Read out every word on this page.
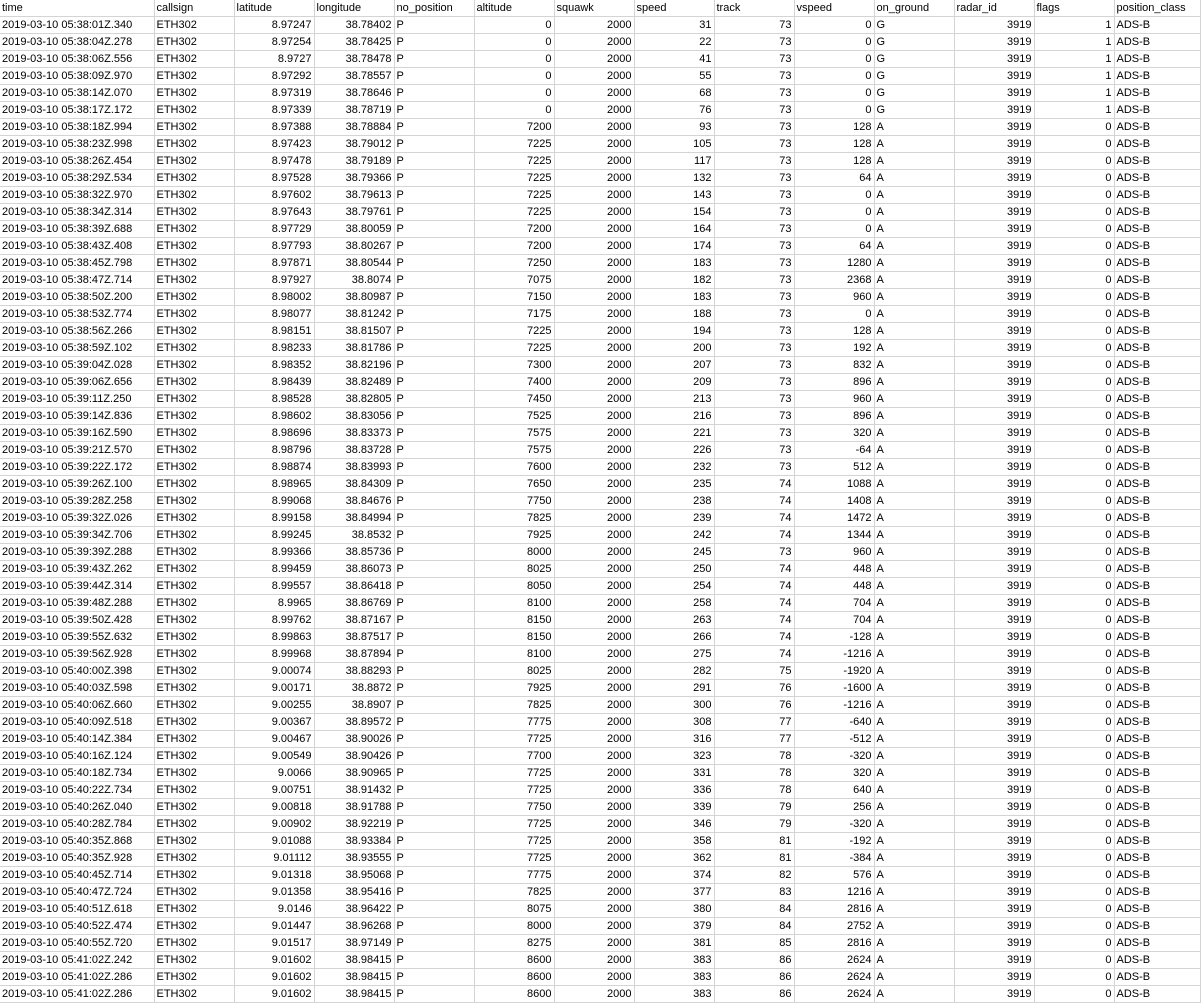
time	callsign	latitude	longitude	no_position	altitude	squawk	speed	track	vspeed	on_ground	radar_id	flags	position_class
2019-03-10 05:38:01Z.340	ETH302	8.97247	38.78402	P	0	2000	31	73	0	G	3919	1	ADS-B
2019-03-10 05:38:04Z.278	ETH302	8.97254	38.78425	P	0	2000	22	73	0	G	3919	1	ADS-B
2019-03-10 05:38:06Z.556	ETH302	8.9727	38.78478	P	0	2000	41	73	0	G	3919	1	ADS-B
2019-03-10 05:38:09Z.970	ETH302	8.97292	38.78557	P	0	2000	55	73	0	G	3919	1	ADS-B
2019-03-10 05:38:14Z.070	ETH302	8.97319	38.78646	P	0	2000	68	73	0	G	3919	1	ADS-B
2019-03-10 05:38:17Z.172	ETH302	8.97339	38.78719	P	0	2000	76	73	0	G	3919	1	ADS-B
2019-03-10 05:38:18Z.994	ETH302	8.97388	38.78884	P	7200	2000	93	73	128	A	3919	0	ADS-B
2019-03-10 05:38:23Z.998	ETH302	8.97423	38.79012	P	7225	2000	105	73	128	A	3919	0	ADS-B
2019-03-10 05:38:26Z.454	ETH302	8.97478	38.79189	P	7225	2000	117	73	128	A	3919	0	ADS-B
2019-03-10 05:38:29Z.534	ETH302	8.97528	38.79366	P	7225	2000	132	73	64	A	3919	0	ADS-B
2019-03-10 05:38:32Z.970	ETH302	8.97602	38.79613	P	7225	2000	143	73	0	A	3919	0	ADS-B
2019-03-10 05:38:34Z.314	ETH302	8.97643	38.79761	P	7225	2000	154	73	0	A	3919	0	ADS-B
2019-03-10 05:38:39Z.688	ETH302	8.97729	38.80059	P	7200	2000	164	73	0	A	3919	0	ADS-B
2019-03-10 05:38:43Z.408	ETH302	8.97793	38.80267	P	7200	2000	174	73	64	A	3919	0	ADS-B
2019-03-10 05:38:45Z.798	ETH302	8.97871	38.80544	P	7250	2000	183	73	1280	A	3919	0	ADS-B
2019-03-10 05:38:47Z.714	ETH302	8.97927	38.8074	P	7075	2000	182	73	2368	A	3919	0	ADS-B
2019-03-10 05:38:50Z.200	ETH302	8.98002	38.80987	P	7150	2000	183	73	960	A	3919	0	ADS-B
2019-03-10 05:38:53Z.774	ETH302	8.98077	38.81242	P	7175	2000	188	73	0	A	3919	0	ADS-B
2019-03-10 05:38:56Z.266	ETH302	8.98151	38.81507	P	7225	2000	194	73	128	A	3919	0	ADS-B
2019-03-10 05:38:59Z.102	ETH302	8.98233	38.81786	P	7225	2000	200	73	192	A	3919	0	ADS-B
2019-03-10 05:39:04Z.028	ETH302	8.98352	38.82196	P	7300	2000	207	73	832	A	3919	0	ADS-B
2019-03-10 05:39:06Z.656	ETH302	8.98439	38.82489	P	7400	2000	209	73	896	A	3919	0	ADS-B
2019-03-10 05:39:11Z.250	ETH302	8.98528	38.82805	P	7450	2000	213	73	960	A	3919	0	ADS-B
2019-03-10 05:39:14Z.836	ETH302	8.98602	38.83056	P	7525	2000	216	73	896	A	3919	0	ADS-B
2019-03-10 05:39:16Z.590	ETH302	8.98696	38.83373	P	7575	2000	221	73	320	A	3919	0	ADS-B
2019-03-10 05:39:21Z.570	ETH302	8.98796	38.83728	P	7575	2000	226	73	-64	A	3919	0	ADS-B
2019-03-10 05:39:22Z.172	ETH302	8.98874	38.83993	P	7600	2000	232	73	512	A	3919	0	ADS-B
2019-03-10 05:39:26Z.100	ETH302	8.98965	38.84309	P	7650	2000	235	74	1088	A	3919	0	ADS-B
2019-03-10 05:39:28Z.258	ETH302	8.99068	38.84676	P	7750	2000	238	74	1408	A	3919	0	ADS-B
2019-03-10 05:39:32Z.026	ETH302	8.99158	38.84994	P	7825	2000	239	74	1472	A	3919	0	ADS-B
2019-03-10 05:39:34Z.706	ETH302	8.99245	38.8532	P	7925	2000	242	74	1344	A	3919	0	ADS-B
2019-03-10 05:39:39Z.288	ETH302	8.99366	38.85736	P	8000	2000	245	73	960	A	3919	0	ADS-B
2019-03-10 05:39:43Z.262	ETH302	8.99459	38.86073	P	8025	2000	250	74	448	A	3919	0	ADS-B
2019-03-10 05:39:44Z.314	ETH302	8.99557	38.86418	P	8050	2000	254	74	448	A	3919	0	ADS-B
2019-03-10 05:39:48Z.288	ETH302	8.9965	38.86769	P	8100	2000	258	74	704	A	3919	0	ADS-B
2019-03-10 05:39:50Z.428	ETH302	8.99762	38.87167	P	8150	2000	263	74	704	A	3919	0	ADS-B
2019-03-10 05:39:55Z.632	ETH302	8.99863	38.87517	P	8150	2000	266	74	-128	A	3919	0	ADS-B
2019-03-10 05:39:56Z.928	ETH302	8.99968	38.87894	P	8100	2000	275	74	-1216	A	3919	0	ADS-B
2019-03-10 05:40:00Z.398	ETH302	9.00074	38.88293	P	8025	2000	282	75	-1920	A	3919	0	ADS-B
2019-03-10 05:40:03Z.598	ETH302	9.00171	38.8872	P	7925	2000	291	76	-1600	A	3919	0	ADS-B
2019-03-10 05:40:06Z.660	ETH302	9.00255	38.8907	P	7825	2000	300	76	-1216	A	3919	0	ADS-B
2019-03-10 05:40:09Z.518	ETH302	9.00367	38.89572	P	7775	2000	308	77	-640	A	3919	0	ADS-B
2019-03-10 05:40:14Z.384	ETH302	9.00467	38.90026	P	7725	2000	316	77	-512	A	3919	0	ADS-B
2019-03-10 05:40:16Z.124	ETH302	9.00549	38.90426	P	7700	2000	323	78	-320	A	3919	0	ADS-B
2019-03-10 05:40:18Z.734	ETH302	9.0066	38.90965	P	7725	2000	331	78	320	A	3919	0	ADS-B
2019-03-10 05:40:22Z.734	ETH302	9.00751	38.91432	P	7725	2000	336	78	640	A	3919	0	ADS-B
2019-03-10 05:40:26Z.040	ETH302	9.00818	38.91788	P	7750	2000	339	79	256	A	3919	0	ADS-B
2019-03-10 05:40:28Z.784	ETH302	9.00902	38.92219	P	7725	2000	346	79	-320	A	3919	0	ADS-B
2019-03-10 05:40:35Z.868	ETH302	9.01088	38.93384	P	7725	2000	358	81	-192	A	3919	0	ADS-B
2019-03-10 05:40:35Z.928	ETH302	9.01112	38.93555	P	7725	2000	362	81	-384	A	3919	0	ADS-B
2019-03-10 05:40:45Z.714	ETH302	9.01318	38.95068	P	7775	2000	374	82	576	A	3919	0	ADS-B
2019-03-10 05:40:47Z.724	ETH302	9.01358	38.95416	P	7825	2000	377	83	1216	A	3919	0	ADS-B
2019-03-10 05:40:51Z.618	ETH302	9.0146	38.96422	P	8075	2000	380	84	2816	A	3919	0	ADS-B
2019-03-10 05:40:52Z.474	ETH302	9.01447	38.96268	P	8000	2000	379	84	2752	A	3919	0	ADS-B
2019-03-10 05:40:55Z.720	ETH302	9.01517	38.97149	P	8275	2000	381	85	2816	A	3919	0	ADS-B
2019-03-10 05:41:02Z.242	ETH302	9.01602	38.98415	P	8600	2000	383	86	2624	A	3919	0	ADS-B
2019-03-10 05:41:02Z.286	ETH302	9.01602	38.98415	P	8600	2000	383	86	2624	A	3919	0	ADS-B
2019-03-10 05:41:02Z.286	ETH302	9.01602	38.98415	P	8600	2000	383	86	2624	A	3919	0	ADS-B
